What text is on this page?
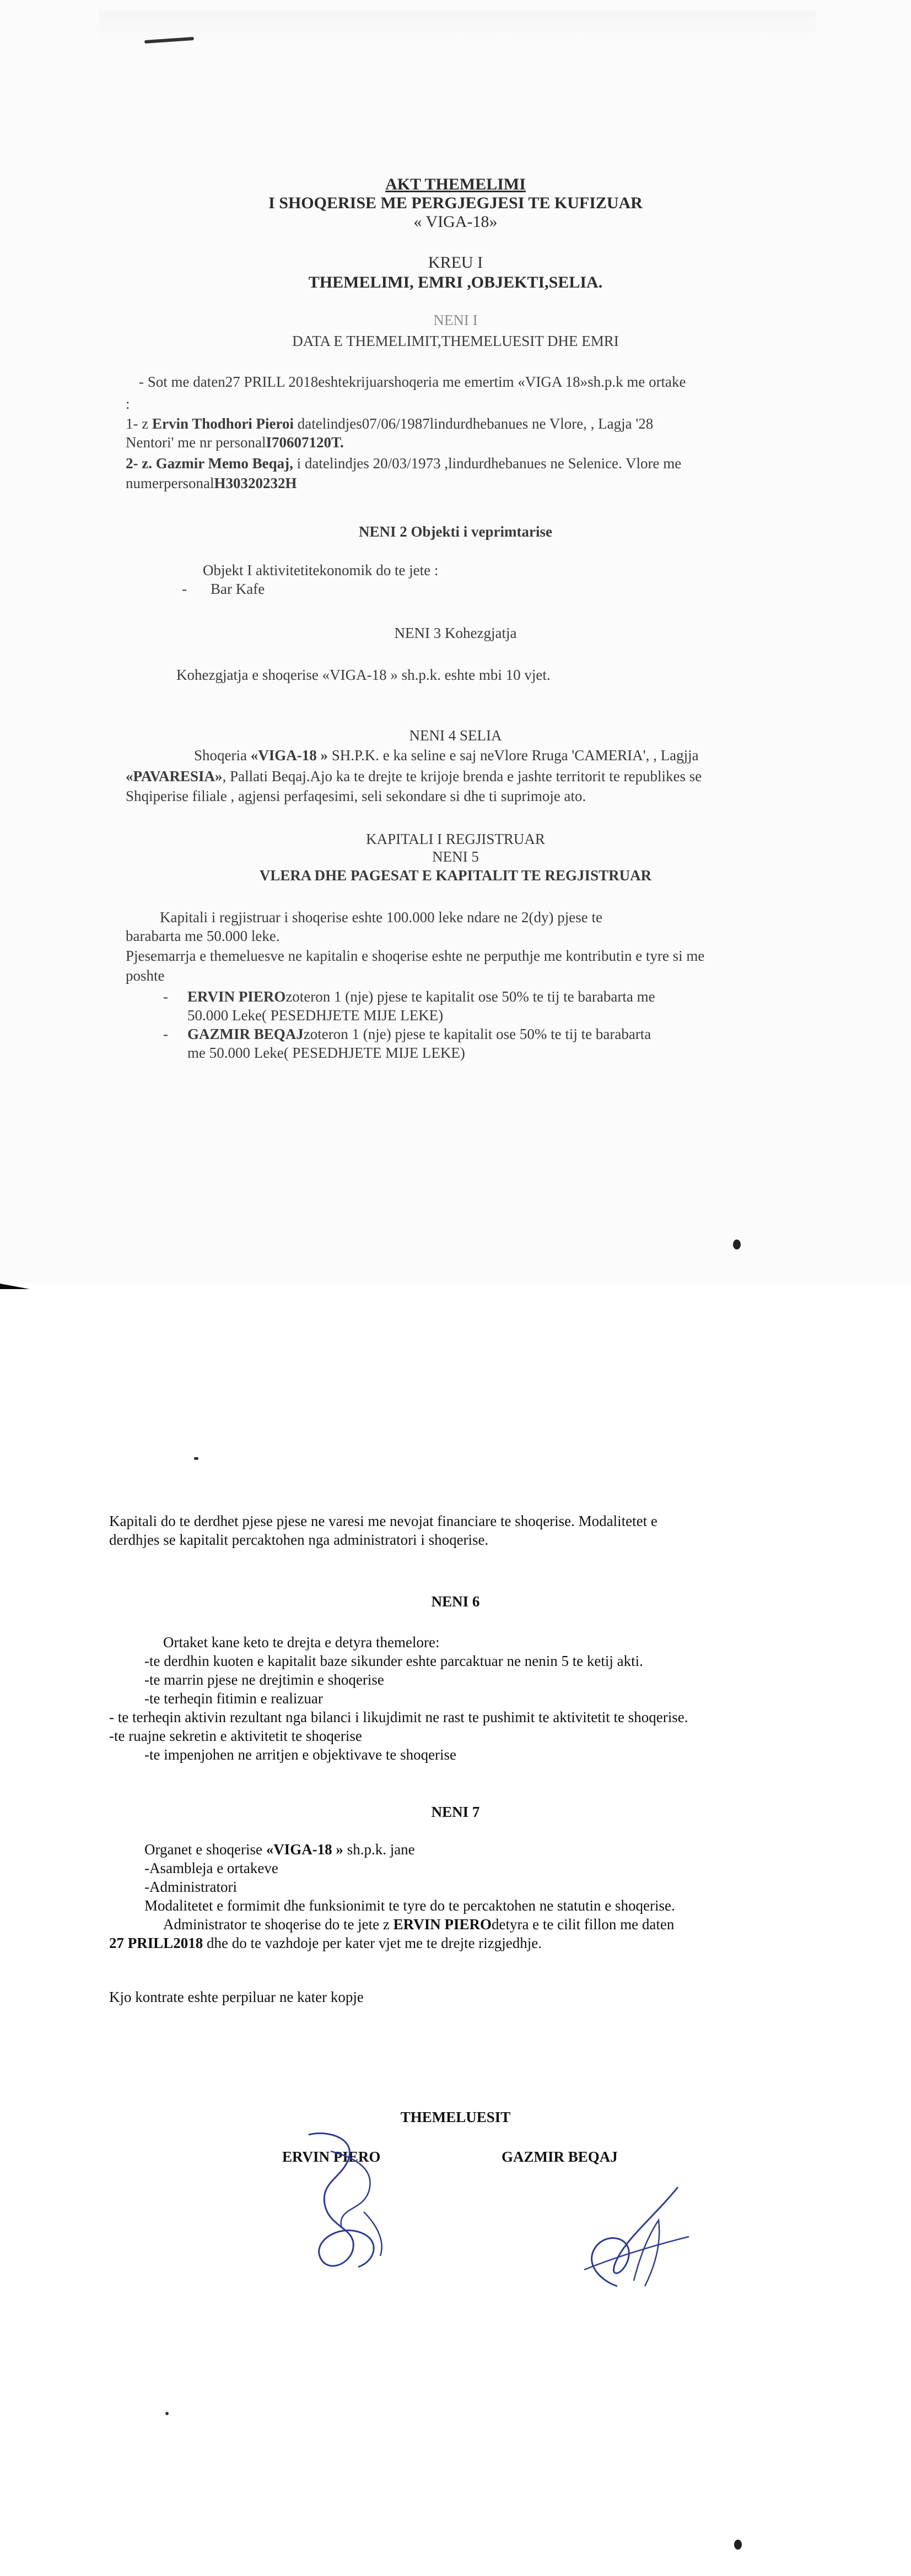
AKT THEMELIMI
I SHOQERISE ME PERGJEGJESI TE KUFIZUAR
« VIGA-18»
KREU I
THEMELIMI, EMRI ,OBJEKTI,SELIA.
NENI I
DATA E THEMELIMIT,THEMELUESIT DHE EMRI
- Sot me daten27 PRILL 2018eshtekrijuarshoqeria me emertim «VIGA 18»sh.p.k me ortake
:
1- z Ervin Thodhori Pieroi datelindjes07/06/1987lindurdhebanues ne Vlore, , Lagja '28
Nentori' me nr personalI70607120T.
2- z. Gazmir Memo Beqaj, i datelindjes 20/03/1973 ,lindurdhebanues ne Selenice. Vlore me
numerpersonalH30320232H
NENI 2 Objekti i veprimtarise
Objekt I aktivitetitekonomik do te jete :
- Bar Kafe
NENI 3 Kohezgjatja
Kohezgjatja e shoqerise «VIGA-18 » sh.p.k. eshte mbi 10 vjet.
NENI 4 SELIA
Shoqeria «VIGA-18 » SH.P.K. e ka seline e saj neVlore Rruga 'CAMERIA', , Lagjja
«PAVARESIA», Pallati Beqaj.Ajo ka te drejte te krijoje brenda e jashte territorit te republikes se
Shqiperise filiale , agjensi perfaqesimi, seli sekondare si dhe ti suprimoje ato.
KAPITALI I REGJISTRUAR
NENI 5
VLERA DHE PAGESAT E KAPITALIT TE REGJISTRUAR
Kapitali i regjistruar i shoqerise eshte 100.000 leke ndare ne 2(dy) pjese te
barabarta me 50.000 leke.
Pjesemarrja e themeluesve ne kapitalin e shoqerise eshte ne perputhje me kontributin e tyre si me
poshte
- ERVIN PIEROzoteron 1 (nje) pjese te kapitalit ose 50% te tij te barabarta me
50.000 Leke( PESEDHJETE MIJE LEKE)
- GAZMIR BEQAJzoteron 1 (nje) pjese te kapitalit ose 50% te tij te barabarta
me 50.000 Leke( PESEDHJETE MIJE LEKE)
Kapitali do te derdhet pjese pjese ne varesi me nevojat financiare te shoqerise. Modalitetet e
derdhjes se kapitalit percaktohen nga administratori i shoqerise.
NENI 6
Ortaket kane keto te drejta e detyra themelore:
-te derdhin kuoten e kapitalit baze sikunder eshte parcaktuar ne nenin 5 te ketij akti.
-te marrin pjese ne drejtimin e shoqerise
-te terheqin fitimin e realizuar
- te terheqin aktivin rezultant nga bilanci i likujdimit ne rast te pushimit te aktivitetit te shoqerise.
-te ruajne sekretin e aktivitetit te shoqerise
-te impenjohen ne arritjen e objektivave te shoqerise
NENI 7
Organet e shoqerise «VIGA-18 » sh.p.k. jane
-Asambleja e ortakeve
-Administratori
Modalitetet e formimit dhe funksionimit te tyre do te percaktohen ne statutin e shoqerise.
Administrator te shoqerise do te jete z ERVIN PIEROdetyra e te cilit fillon me daten
27 PRILL2018 dhe do te vazhdoje per kater vjet me te drejte rizgjedhje.
Kjo kontrate eshte perpiluar ne kater kopje
THEMELUESIT
ERVIN PIERO	GAZMIR BEQAJ
